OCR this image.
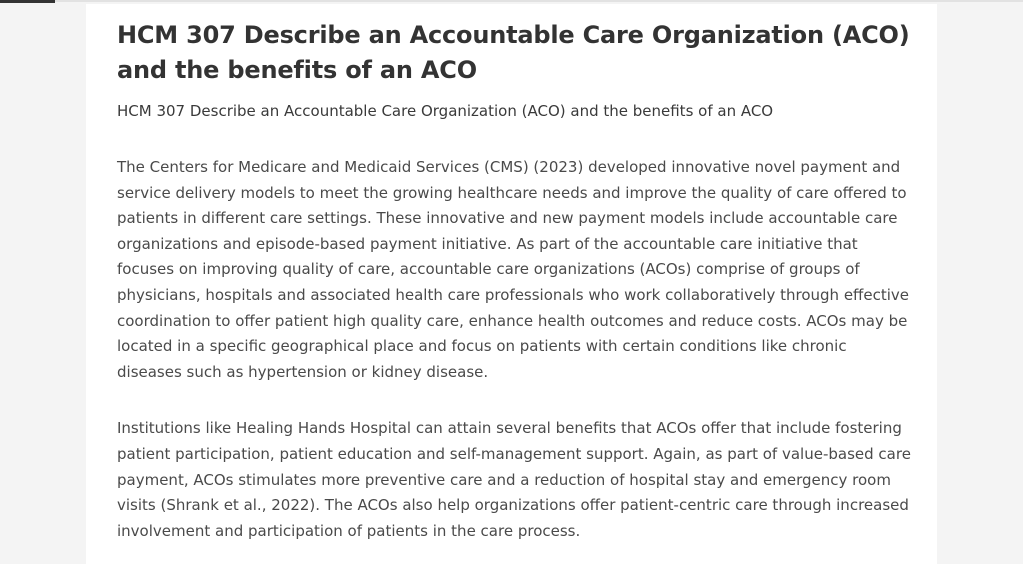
HCM 307 Describe an Accountable Care Organization (ACO) and the benefits of an ACO

HCM 307 Describe an Accountable Care Organization (ACO) and the benefits of an ACO

The Centers for Medicare and Medicaid Services (CMS) (2023) developed innovative novel payment and service delivery models to meet the growing healthcare needs and improve the quality of care offered to patients in different care settings. These innovative and new payment models include accountable care organizations and episode-based payment initiative. As part of the accountable care initiative that focuses on improving quality of care, accountable care organizations (ACOs) comprise of groups of physicians, hospitals and associated health care professionals who work collaboratively through effective coordination to offer patient high quality care, enhance health outcomes and reduce costs. ACOs may be located in a specific geographical place and focus on patients with certain conditions like chronic diseases such as hypertension or kidney disease.

Institutions like Healing Hands Hospital can attain several benefits that ACOs offer that include fostering patient participation, patient education and self-management support. Again, as part of value-based care payment, ACOs stimulates more preventive care and a reduction of hospital stay and emergency room visits (Shrank et al., 2022). The ACOs also help organizations offer patient-centric care through increased involvement and participation of patients in the care process.
